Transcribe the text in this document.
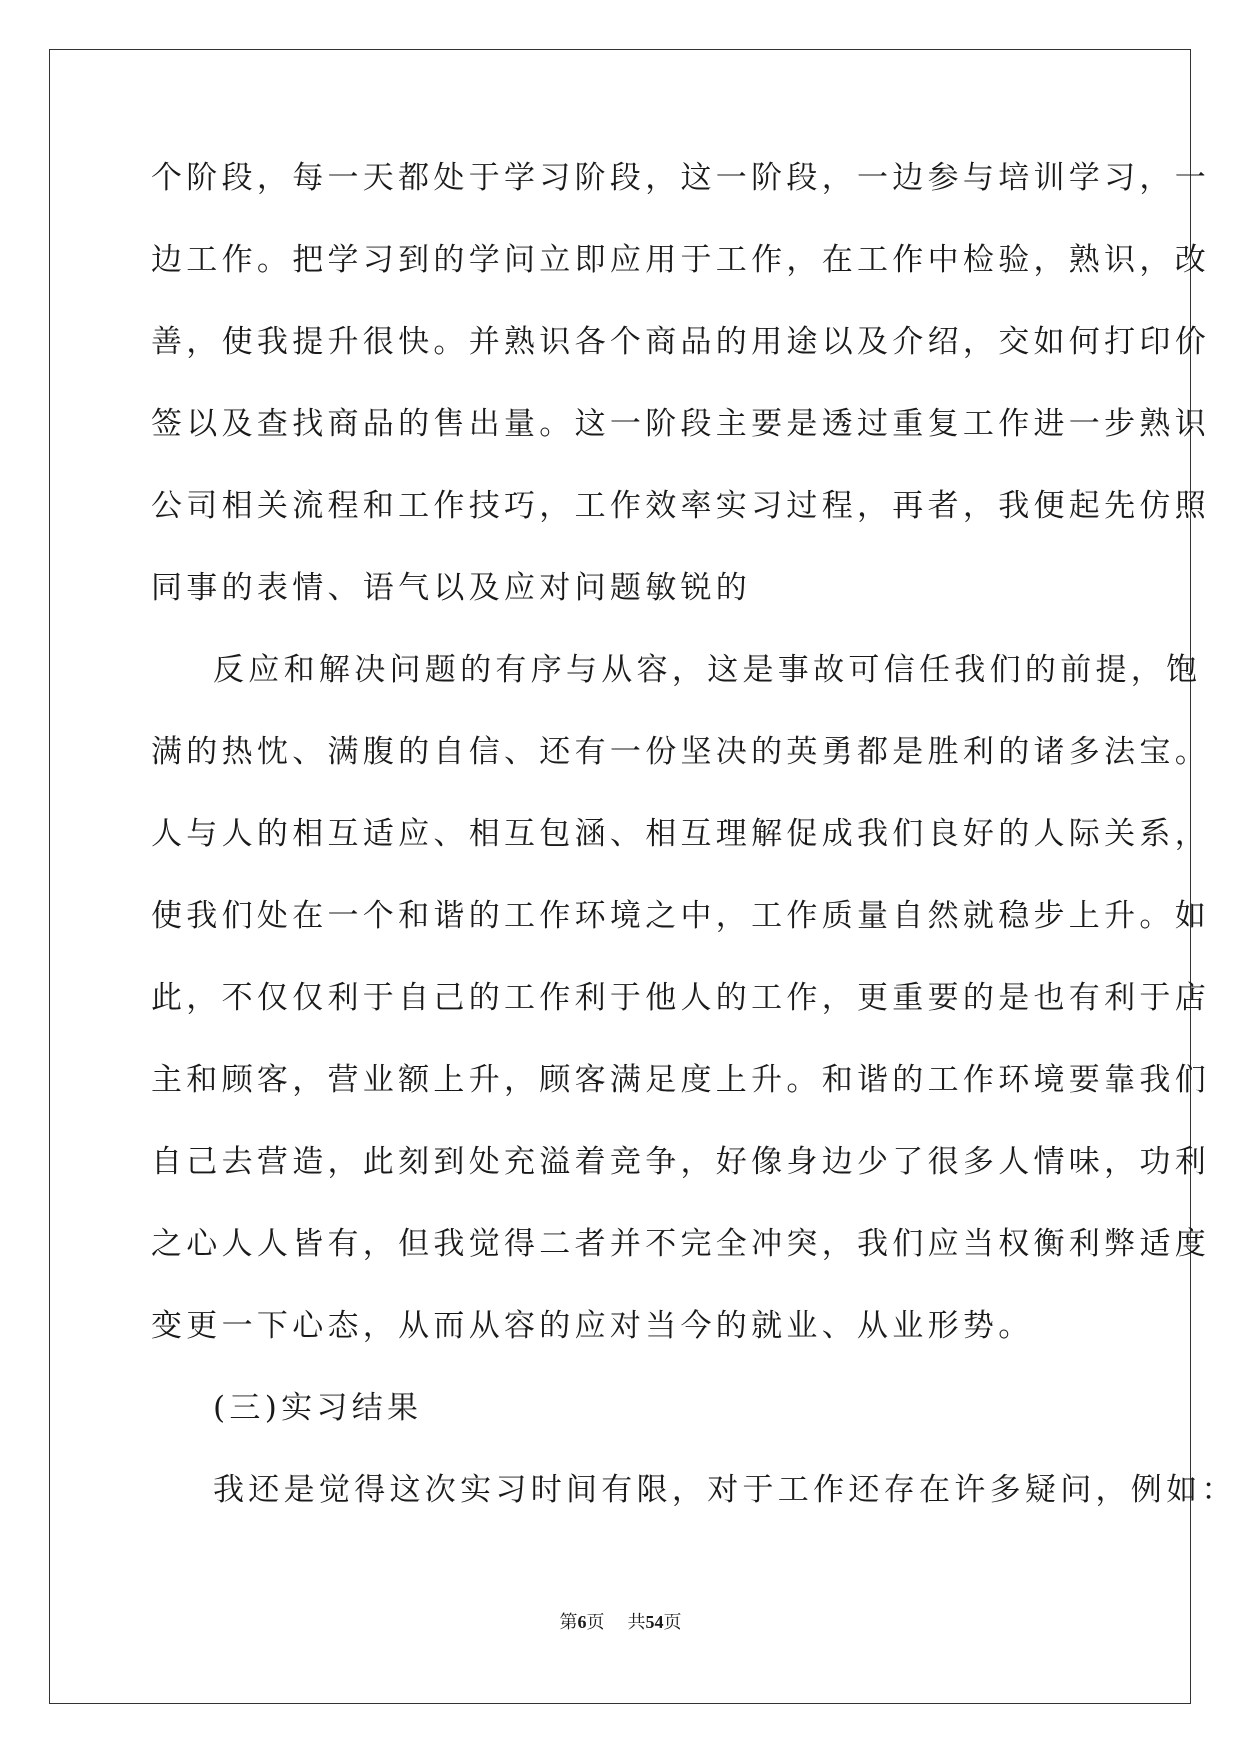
个阶段，每一天都处于学习阶段，这一阶段，一边参与培训学习，一
边工作。把学习到的学问立即应用于工作，在工作中检验，熟识，改
善，使我提升很快。并熟识各个商品的用途以及介绍，交如何打印价
签以及查找商品的售出量。这一阶段主要是透过重复工作进一步熟识
公司相关流程和工作技巧，工作效率实习过程，再者，我便起先仿照
同事的表情、语气以及应对问题敏锐的
反应和解决问题的有序与从容，这是事故可信任我们的前提，饱
满的热忱、满腹的自信、还有一份坚决的英勇都是胜利的诸多法宝。
人与人的相互适应、相互包涵、相互理解促成我们良好的人际关系，
使我们处在一个和谐的工作环境之中，工作质量自然就稳步上升。如
此，不仅仅利于自己的工作利于他人的工作，更重要的是也有利于店
主和顾客，营业额上升，顾客满足度上升。和谐的工作环境要靠我们
自己去营造，此刻到处充溢着竞争，好像身边少了很多人情味，功利
之心人人皆有，但我觉得二者并不完全冲突，我们应当权衡利弊适度
变更一下心态，从而从容的应对当今的就业、从业形势。
(三)实习结果
我还是觉得这次实习时间有限，对于工作还存在许多疑问，例如：
第6页 共54页
